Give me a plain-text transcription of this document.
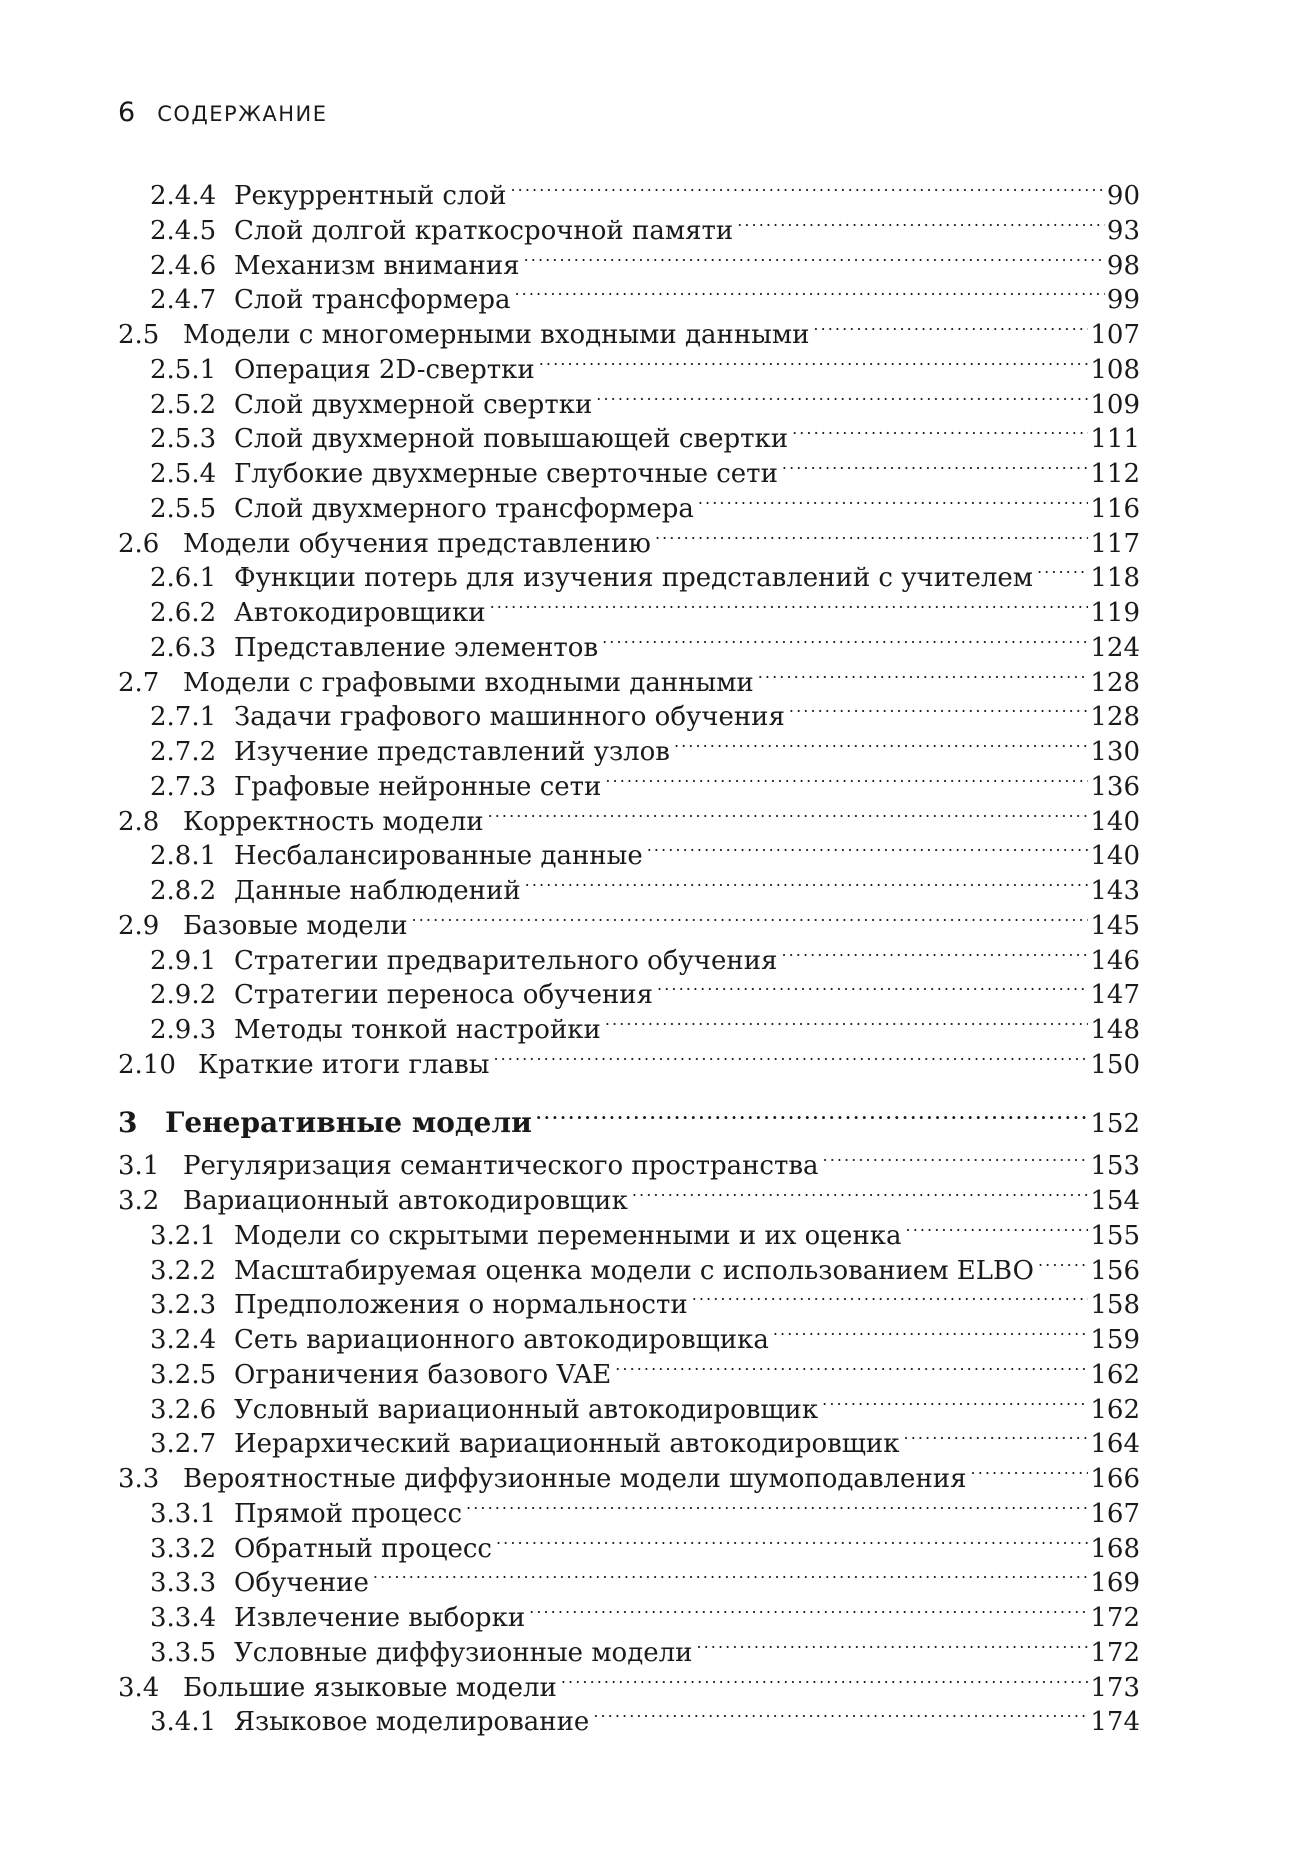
6 СОДЕРЖАНИЕ
2.4.4 Рекуррентный слой . . .	90
2.4.5 Слой долгой краткосрочной памяти . . .	93
2.4.6 Механизм внимания . . .	98
2.4.7 Слой трансформера . . .	99
2.5 Модели с многомерными входными данными . . .	107
2.5.1 Операция 2D-свертки . . .	108
2.5.2 Слой двухмерной свертки . . .	109
2.5.3 Слой двухмерной повышающей свертки . . .	111
2.5.4 Глубокие двухмерные сверточные сети . . .	112
2.5.5 Слой двухмерного трансформера . . .	116
2.6 Модели обучения представлению . . .	117
2.6.1 Функции потерь для изучения представлений с учителем . . . 118
2.6.2 Автокодировщики . . .	119
2.6.3 Представление элементов . . .	124
2.7 Модели с графовыми входными данными . . .	128
2.7.1 Задачи графового машинного обучения . . .	128
2.7.2 Изучение представлений узлов . . .	130
2.7.3 Графовые нейронные сети . . .	136
2.8 Корректность модели . . .	140
2.8.1 Несбалансированные данные . . .	140
2.8.2 Данные наблюдений . . .	143
2.9 Базовые модели . . .	145
2.9.1 Стратегии предварительного обучения . . .	146
2.9.2 Стратегии переноса обучения . . .	147
2.9.3 Методы тонкой настройки . . .	148
2.10 Краткие итоги главы . . .	150
3 Генеративные модели . . .	152
3.1 Регуляризация семантического пространства . . .	153
3.2 Вариационный автокодировщик . . .	154
3.2.1 Модели со скрытыми переменными и их оценка . . .	155
3.2.2 Масштабируемая оценка модели с использованием ELBO . . . 156
3.2.3 Предположения о нормальности . . .	158
3.2.4 Сеть вариационного автокодировщика . . .	159
3.2.5 Ограничения базового VAE . . .	162
3.2.6 Условный вариационный автокодировщик . . .	162
3.2.7 Иерархический вариационный автокодировщик . . .	164
3.3 Вероятностные диффузионные модели шумоподавления . . .	166
3.3.1 Прямой процесс . . .	167
3.3.2 Обратный процесс . . .	168
3.3.3 Обучение . . .	169
3.3.4 Извлечение выборки . . .	172
3.3.5 Условные диффузионные модели . . .	172
3.4 Большие языковые модели . . .	173
3.4.1 Языковое моделирование . . .	174
